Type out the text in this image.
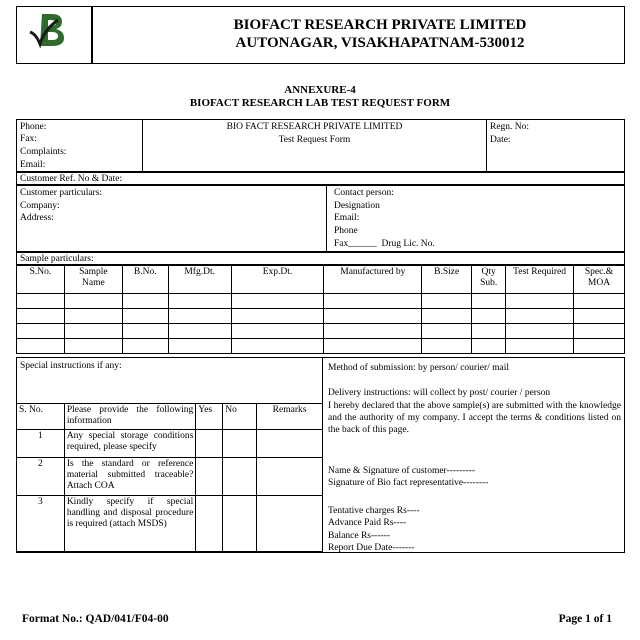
BIOFACT RESEARCH PRIVATE LIMITED
AUTONAGAR, VISAKHAPATNAM-530012
ANNEXURE-4
BIOFACT RESEARCH LAB TEST REQUEST FORM
Phone:
Fax:
Complaints:
Email:
BIO FACT RESEARCH PRIVATE LIMITED
Test Request Form
Regn. No:
Date:
Customer Ref. No & Date:
Customer particulars:
Company:
Address:
Contact person:
Designation
Email:
Phone
Fax______  Drug Lic. No.
Sample particulars:
S.No.	Sample Name	B.No.	Mfg.Dt.	Exp.Dt.	Manufactured by	B.Size	Qty Sub.	Test Required	Spec.& MOA

Special instructions if any:
S. No.	Please provide the following information	Yes	No	Remarks
1	Any special storage conditions required, please specify			
2	Is the standard or reference material submitted traceable? Attach COA			
3	Kindly specify if special handling and disposal procedure is required (attach MSDS)			
Method of submission: by person/ courier/ mail
Delivery instructions: will collect by post/ courier / person
I hereby declared that the above sample(s) are submitted with the knowledge and the authority of my company. I accept the terms & conditions listed on the back of this page.
Name & Signature of customer---------
Signature of Bio fact representative--------
Tentative charges Rs----
Advance Paid Rs----
Balance Rs------
Report Due Date-------
Format No.: QAD/041/F04-00	Page 1 of 1
